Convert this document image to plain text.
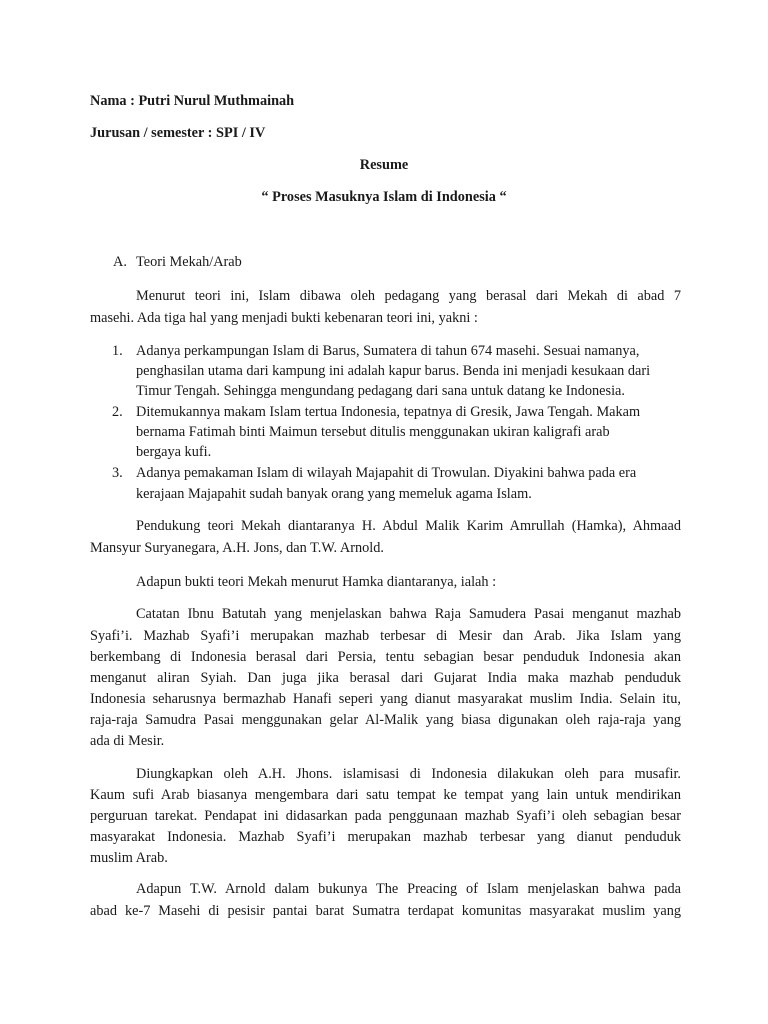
Nama : Putri Nurul Muthmainah
Jurusan / semester : SPI / IV
Resume
“ Proses Masuknya Islam di Indonesia “
A. Teori Mekah/Arab
Menurut teori ini, Islam dibawa oleh pedagang yang berasal dari Mekah di abad 7
masehi. Ada tiga hal yang menjadi bukti kebenaran teori ini, yakni :
1. Adanya perkampungan Islam di Barus, Sumatera di tahun 674 masehi. Sesuai namanya,
penghasilan utama dari kampung ini adalah kapur barus. Benda ini menjadi kesukaan dari
Timur Tengah. Sehingga mengundang pedagang dari sana untuk datang ke Indonesia.
2. Ditemukannya makam Islam tertua Indonesia, tepatnya di Gresik, Jawa Tengah. Makam
bernama Fatimah binti Maimun tersebut ditulis menggunakan ukiran kaligrafi arab
bergaya kufi.
3. Adanya pemakaman Islam di wilayah Majapahit di Trowulan. Diyakini bahwa pada era
kerajaan Majapahit sudah banyak orang yang memeluk agama Islam.
Pendukung teori Mekah diantaranya H. Abdul Malik Karim Amrullah (Hamka), Ahmaad
Mansyur Suryanegara, A.H. Jons, dan T.W. Arnold.
Adapun bukti teori Mekah menurut Hamka diantaranya, ialah :
Catatan Ibnu Batutah yang menjelaskan bahwa Raja Samudera Pasai menganut mazhab
Syafi’i. Mazhab Syafi’i merupakan mazhab terbesar di Mesir dan Arab. Jika Islam yang
berkembang di Indonesia berasal dari Persia, tentu sebagian besar penduduk Indonesia akan
menganut aliran Syiah. Dan juga jika berasal dari Gujarat India maka mazhab penduduk
Indonesia seharusnya bermazhab Hanafi seperi yang dianut masyarakat muslim India. Selain itu,
raja-raja Samudra Pasai menggunakan gelar Al-Malik yang biasa digunakan oleh raja-raja yang
ada di Mesir.
Diungkapkan oleh A.H. Jhons. islamisasi di Indonesia dilakukan oleh para musafir.
Kaum sufi Arab biasanya mengembara dari satu tempat ke tempat yang lain untuk mendirikan
perguruan tarekat. Pendapat ini didasarkan pada penggunaan mazhab Syafi’i oleh sebagian besar
masyarakat Indonesia. Mazhab Syafi’i merupakan mazhab terbesar yang dianut penduduk
muslim Arab.
Adapun T.W. Arnold dalam bukunya The Preacing of Islam menjelaskan bahwa pada
abad ke-7 Masehi di pesisir pantai barat Sumatra terdapat komunitas masyarakat muslim yang
